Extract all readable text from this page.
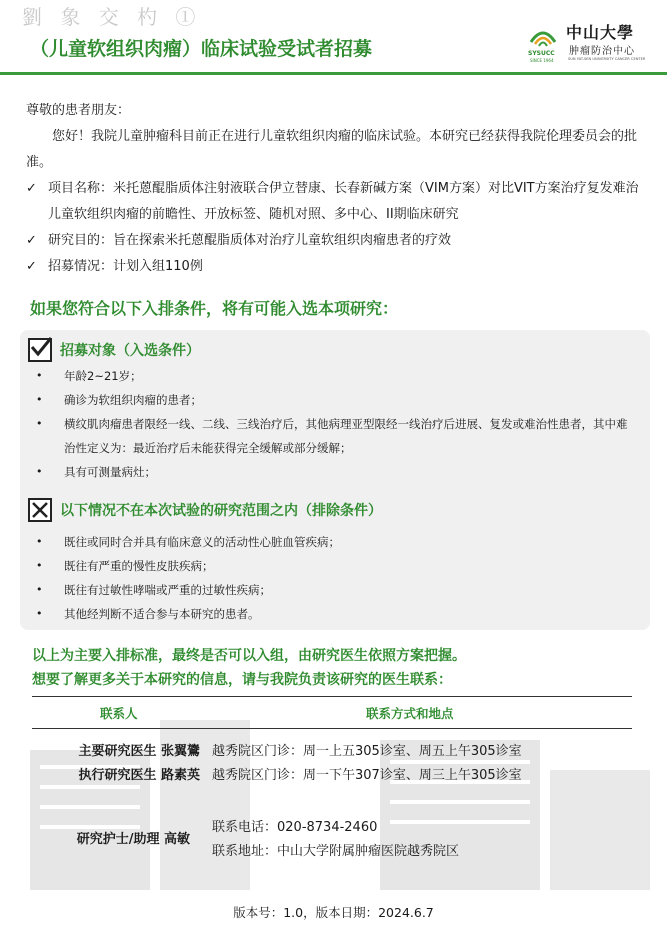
劉 象 交 杓 ①
（儿童软组织肉瘤）临床试验受试者招募	SYSUCC
SINCE 1964
中山大學
肿瘤防治中心
SUN YAT-SEN UNIVERSITY CANCER CENTER

尊敬的患者朋友：

您好！我院儿童肿瘤科目前正在进行儿童软组织肉瘤的临床试验。本研究已经获得我院伦理委员会的批准。

✓ 项目名称：米托蒽醌脂质体注射液联合伊立替康、长春新碱方案（VIM方案）对比VIT方案治疗复发难治儿童软组织肉瘤的前瞻性、开放标签、随机对照、多中心、II期临床研究
✓ 研究目的：旨在探索米托蒽醌脂质体对治疗儿童软组织肉瘤患者的疗效
✓ 招募情况：计划入组110例
如果您符合以下入排条件，将有可能入选本项研究：
招募对象（入选条件）
• 年龄2~21岁；
• 确诊为软组织肉瘤的患者；
• 横纹肌肉瘤患者限经一线、二线、三线治疗后，其他病理亚型限经一线治疗后进展、复发或难治性患者，其中难治性定义为：最近治疗后未能获得完全缓解或部分缓解；
• 具有可测量病灶；
以下情况不在本次试验的研究范围之内（排除条件）
• 既往或同时合并具有临床意义的活动性心脏血管疾病；
• 既往有严重的慢性皮肤疾病；
• 既往有过敏性哮喘或严重的过敏性疾病；
• 其他经判断不适合参与本研究的患者。
以上为主要入排标准，最终是否可以入组，由研究医生依照方案把握。
想要了解更多关于本研究的信息，请与我院负责该研究的医生联系：
联系人	联系方式和地点
主要研究医生 张翼鷟 越秀院区门诊：周一上五305诊室、周五上午305诊室
执行研究医生 路素英 越秀院区门诊：周一下午307诊室、周三上午305诊室
研究护士/助理 高敏
联系电话：020-8734-2460
联系地址：中山大学附属肿瘤医院越秀院区
版本号：1.0，版本日期：2024.6.7
